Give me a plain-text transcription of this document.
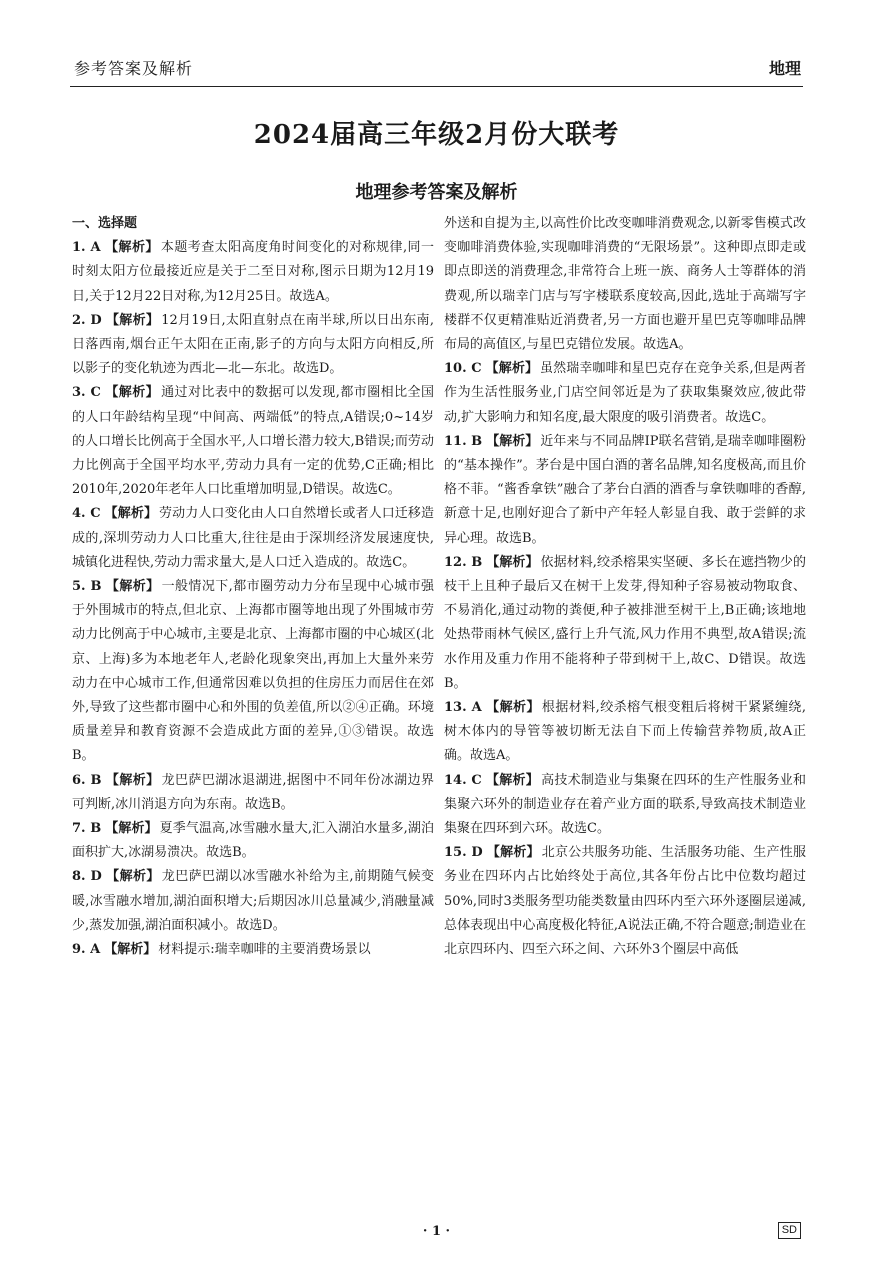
参考答案及解析	地理
2024届高三年级2月份大联考
地理参考答案及解析
一、选择题

1. A 【解析】 本题考查太阳高度角时间变化的对称规律,同一时刻太阳方位最接近应是关于二至日对称,图示日期为12月19日,关于12月22日对称,为12月25日。故选A。

2. D 【解析】 12月19日,太阳直射点在南半球,所以日出东南,日落西南,烟台正午太阳在正南,影子的方向与太阳方向相反,所以影子的变化轨迹为西北—北—东北。故选D。

3. C 【解析】 通过对比表中的数据可以发现,都市圈相比全国的人口年龄结构呈现“中间高、两端低”的特点,A错误;0~14岁的人口增长比例高于全国水平,人口增长潜力较大,B错误;而劳动力比例高于全国平均水平,劳动力具有一定的优势,C正确;相比2010年,2020年老年人口比重增加明显,D错误。故选C。

4. C 【解析】 劳动力人口变化由人口自然增长或者人口迁移造成的,深圳劳动力人口比重大,往往是由于深圳经济发展速度快,城镇化进程快,劳动力需求量大,是人口迁入造成的。故选C。

5. B 【解析】 一般情况下,都市圈劳动力分布呈现中心城市强于外围城市的特点,但北京、上海都市圈等地出现了外围城市劳动力比例高于中心城市,主要是北京、上海都市圈的中心城区(北京、上海)多为本地老年人,老龄化现象突出,再加上大量外来劳动力在中心城市工作,但通常因难以负担的住房压力而居住在郊外,导致了这些都市圈中心和外围的负差值,所以②④正确。环境质量差异和教育资源不会造成此方面的差异,①③错误。故选B。

6. B 【解析】 龙巴萨巴湖冰退湖进,据图中不同年份冰湖边界可判断,冰川消退方向为东南。故选B。

7. B 【解析】 夏季气温高,冰雪融水量大,汇入湖泊水量多,湖泊面积扩大,冰湖易溃决。故选B。

8. D 【解析】 龙巴萨巴湖以冰雪融水补给为主,前期随气候变暖,冰雪融水增加,湖泊面积增大;后期因冰川总量减少,消融量减少,蒸发加强,湖泊面积减小。故选D。

9. A 【解析】 材料提示:瑞幸咖啡的主要消费场景以

外送和自提为主,以高性价比改变咖啡消费观念,以新零售模式改变咖啡消费体验,实现咖啡消费的“无限场景”。这种即点即走或即点即送的消费理念,非常符合上班一族、商务人士等群体的消费观,所以瑞幸门店与写字楼联系度较高,因此,选址于高端写字楼群不仅更精准贴近消费者,另一方面也避开星巴克等咖啡品牌布局的高值区,与星巴克错位发展。故选A。

10. C 【解析】 虽然瑞幸咖啡和星巴克存在竞争关系,但是两者作为生活性服务业,门店空间邻近是为了获取集聚效应,彼此带动,扩大影响力和知名度,最大限度的吸引消费者。故选C。

11. B 【解析】 近年来与不同品牌IP联名营销,是瑞幸咖啡圈粉的“基本操作”。茅台是中国白酒的著名品牌,知名度极高,而且价格不菲。“酱香拿铁”融合了茅台白酒的酒香与拿铁咖啡的香醇,新意十足,也刚好迎合了新中产年轻人彰显自我、敢于尝鲜的求异心理。故选B。

12. B 【解析】 依据材料,绞杀榕果实坚硬、多长在遮挡物少的枝干上且种子最后又在树干上发芽,得知种子容易被动物取食、不易消化,通过动物的粪便,种子被排泄至树干上,B正确;该地地处热带雨林气候区,盛行上升气流,风力作用不典型,故A错误;流水作用及重力作用不能将种子带到树干上,故C、D错误。故选B。

13. A 【解析】 根据材料,绞杀榕气根变粗后将树干紧紧缠绕,树木体内的导管等被切断无法自下而上传输营养物质,故A正确。故选A。

14. C 【解析】 高技术制造业与集聚在四环的生产性服务业和集聚六环外的制造业存在着产业方面的联系,导致高技术制造业集聚在四环到六环。故选C。

15. D 【解析】 北京公共服务功能、生活服务功能、生产性服务业在四环内占比始终处于高位,其各年份占比中位数均超过50%,同时3类服务型功能类数量由四环内至六环外逐圈层递减,总体表现出中心高度极化特征,A说法正确,不符合题意;制造业在北京四环内、四至六环之间、六环外3个圈层中高低

· 1 ·	SD
